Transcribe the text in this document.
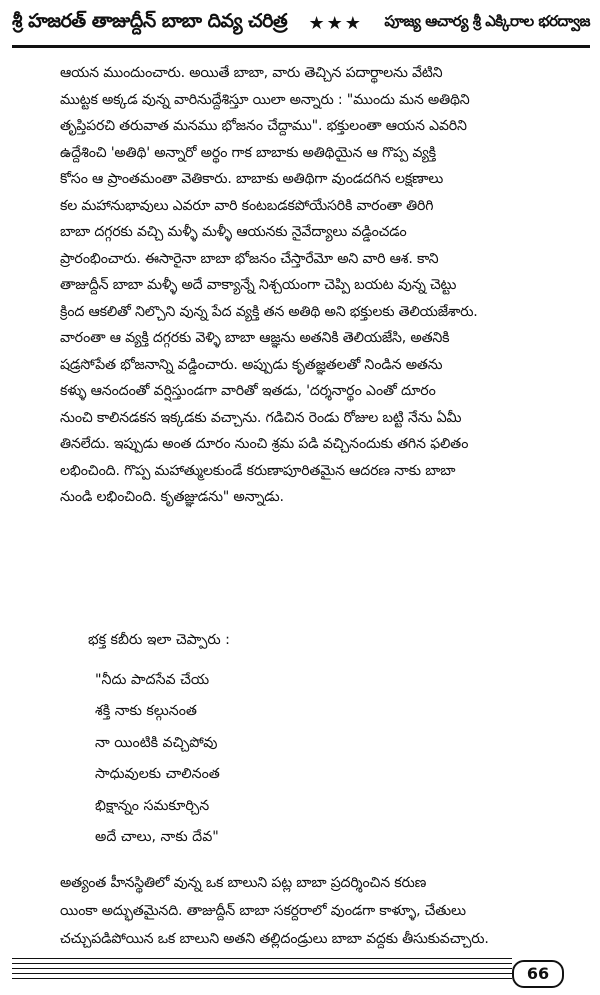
శ్రీ హజరత్ తాజుద్దీన్ బాబా దివ్య చరిత్ర ★★★ పూజ్య ఆచార్య శ్రీ ఎక్కిరాల భరద్వాజ
ఆయన ముందుంచారు. అయితే బాబా, వారు తెచ్చిన పదార్థాలను వేటిని
ముట్టక అక్కడ వున్న వారినుద్దేశిస్తూ యిలా అన్నారు : "ముందు మన అతిథిని
తృప్తిపరచి తరువాత మనము భోజనం చేద్దాము". భక్తులంతా ఆయన ఎవరిని
ఉద్దేశించి 'అతిథి' అన్నారో అర్థం గాక బాబాకు అతిథియైన ఆ గొప్ప వ్యక్తి
కోసం ఆ ప్రాంతమంతా వెతికారు. బాబాకు అతిథిగా వుండదగిన లక్షణాలు
కల మహానుభావులు ఎవరూ వారి కంటబడకపోయేసరికి వారంతా తిరిగి
బాబా దగ్గరకు వచ్చి మళ్ళీ మళ్ళీ ఆయనకు నైవేద్యాలు వడ్డించడం
ప్రారంభించారు. ఈసారైనా బాబా భోజనం చేస్తారేమో అని వారి ఆశ. కాని
తాజుద్దీన్ బాబా మళ్ళీ అదే వాక్యాన్నే నిశ్చయంగా చెప్పి బయట వున్న చెట్టు
క్రింద ఆకలితో నిల్చొని వున్న పేద వ్యక్తి తన అతిథి అని భక్తులకు తెలియజేశారు.
వారంతా ఆ వ్యక్తి దగ్గరకు వెళ్ళి బాబా ఆజ్ఞను అతనికి తెలియజేసి, అతనికి
షడ్రసోపేత భోజనాన్ని వడ్డించారు. అప్పుడు కృతజ్ఞతలతో నిండిన అతను
కళ్ళు ఆనందంతో వర్షిస్తుండగా వారితో ఇతడు, 'దర్శనార్థం ఎంతో దూరం
నుంచి కాలినడకన ఇక్కడకు వచ్చాను. గడిచిన రెండు రోజుల బట్టి నేను ఏమీ
తినలేదు. ఇప్పుడు అంత దూరం నుంచి శ్రమ పడి వచ్చినందుకు తగిన ఫలితం
లభించింది. గొప్ప మహాత్ములకుండే కరుణాపూరితమైన ఆదరణ నాకు బాబా
నుండి లభించింది. కృతజ్ఞుడను" అన్నాడు.
భక్త కబీరు ఇలా చెప్పారు :
"నీదు పాదసేవ చేయ
శక్తి నాకు కల్గునంత
నా యింటికి వచ్చిపోవు
సాధువులకు చాలినంత
భిక్షాన్నం సమకూర్చిన
అదే చాలు, నాకు దేవ"
అత్యంత హీనస్థితిలో వున్న ఒక బాలుని పట్ల బాబా ప్రదర్శించిన కరుణ
యింకా అద్భుతమైనది. తాజుద్దీన్ బాబా సకర్దరాలో వుండగా కాళ్ళూ, చేతులు
చచ్చుపడిపోయిన ఒక బాలుని అతని తల్లిదండ్రులు బాబా వద్దకు తీసుకువచ్చారు.
66
